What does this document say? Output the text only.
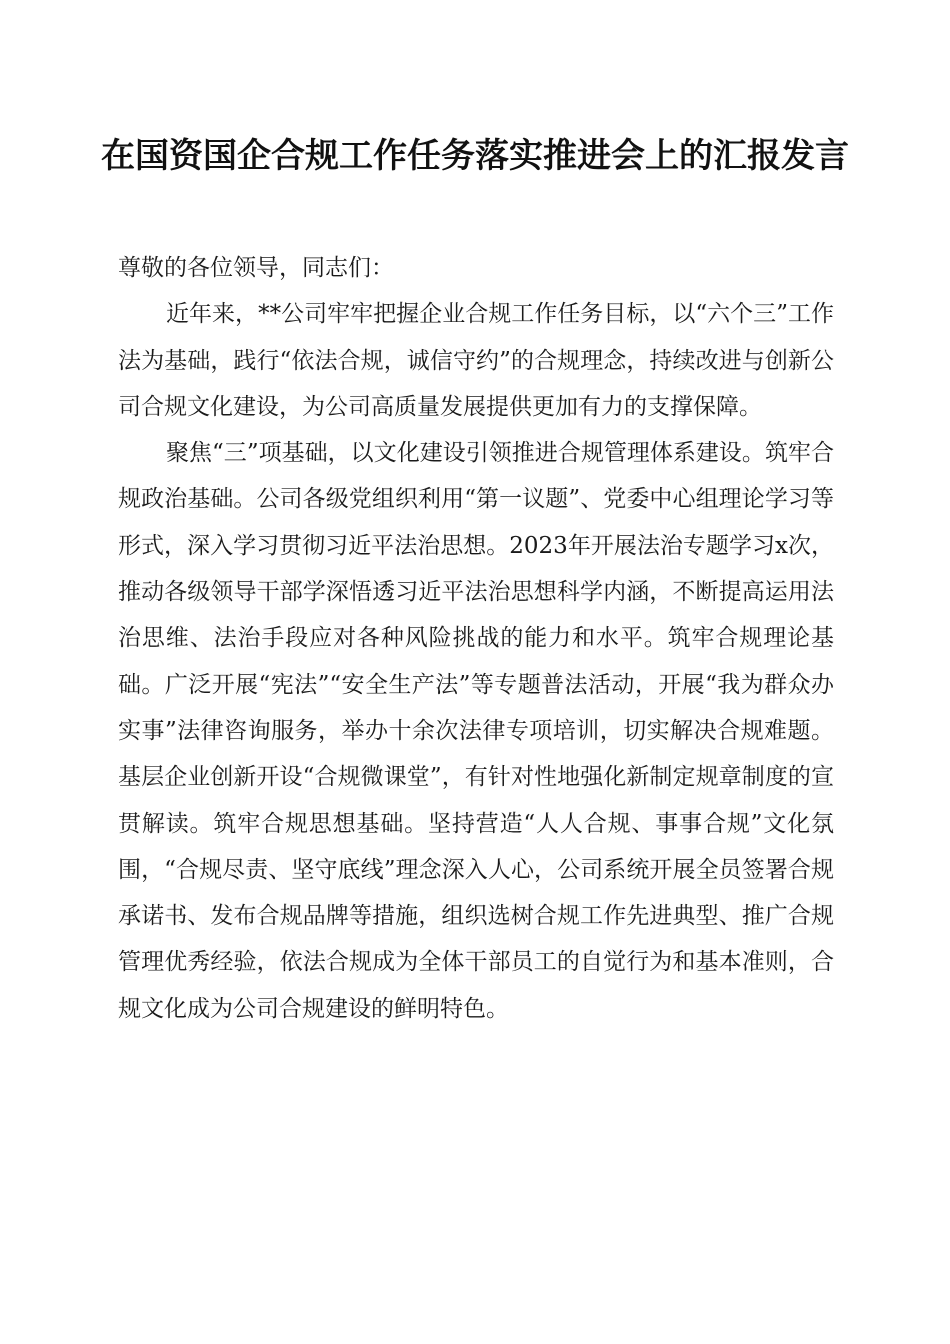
在国资国企合规工作任务落实推进会上的汇报发言

尊敬的各位领导，同志们：

近年来，**公司牢牢把握企业合规工作任务目标，以“六个三”工作法为基础，践行“依法合规，诚信守约”的合规理念，持续改进与创新公司合规文化建设，为公司高质量发展提供更加有力的支撑保障。

聚焦“三”项基础，以文化建设引领推进合规管理体系建设。筑牢合规政治基础。公司各级党组织利用“第一议题”、党委中心组理论学习等形式，深入学习贯彻习近平法治思想。2023年开展法治专题学习x次，推动各级领导干部学深悟透习近平法治思想科学内涵，不断提高运用法治思维、法治手段应对各种风险挑战的能力和水平。筑牢合规理论基础。广泛开展“宪法”“安全生产法”等专题普法活动，开展“我为群众办实事”法律咨询服务，举办十余次法律专项培训，切实解决合规难题。基层企业创新开设“合规微课堂”，有针对性地强化新制定规章制度的宣贯解读。筑牢合规思想基础。坚持营造“人人合规、事事合规”文化氛围，“合规尽责、坚守底线”理念深入人心，公司系统开展全员签署合规承诺书、发布合规品牌等措施，组织选树合规工作先进典型、推广合规管理优秀经验，依法合规成为全体干部员工的自觉行为和基本准则，合规文化成为公司合规建设的鲜明特色。
